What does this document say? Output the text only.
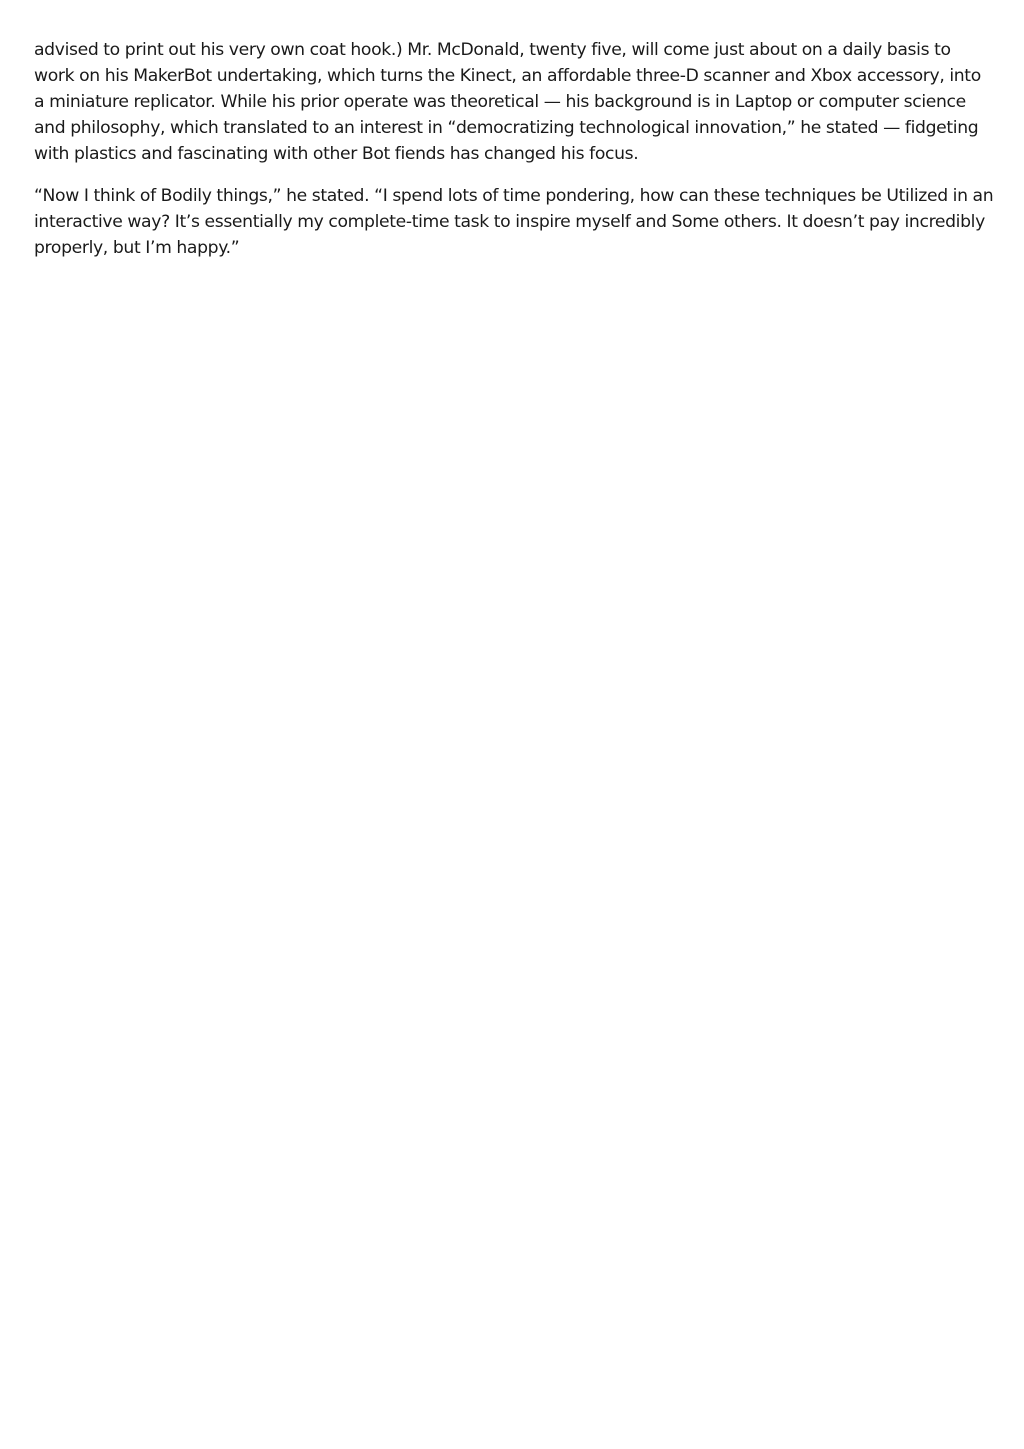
advised to print out his very own coat hook.) Mr. McDonald, twenty five, will come just about on a daily basis to work on his MakerBot undertaking, which turns the Kinect, an affordable three-D scanner and Xbox accessory, into a miniature replicator. While his prior operate was theoretical — his background is in Laptop or computer science and philosophy, which translated to an interest in “democratizing technological innovation,” he stated — fidgeting with plastics and fascinating with other Bot fiends has changed his focus.

“Now I think of Bodily things,” he stated. “I spend lots of time pondering, how can these techniques be Utilized in an interactive way? It’s essentially my complete-time task to inspire myself and Some others. It doesn’t pay incredibly properly, but I’m happy.”
